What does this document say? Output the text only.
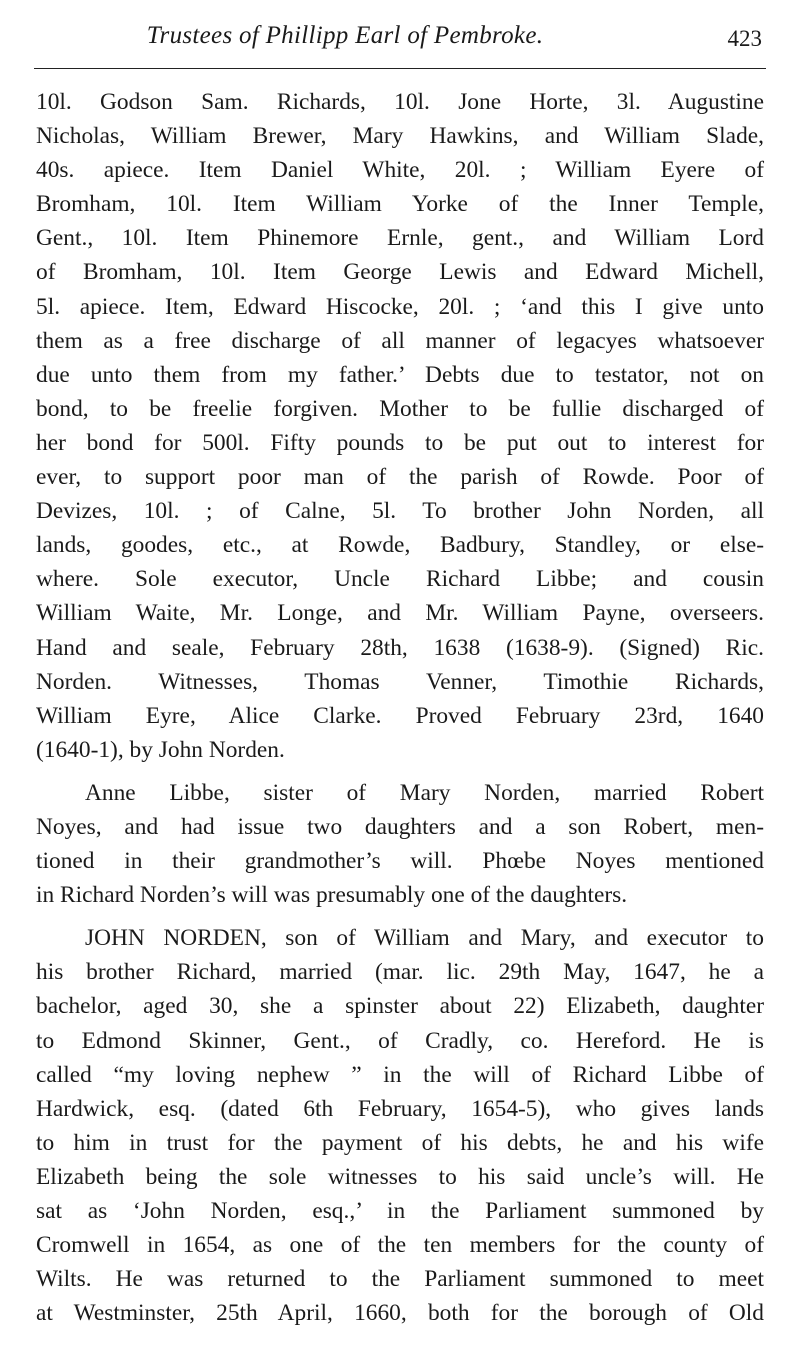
Trustees of Phillipp Earl of Pembroke.	423
10l. Godson Sam. Richards, 10l. Jone Horte, 3l. Augustine
Nicholas, William Brewer, Mary Hawkins, and William Slade,
40s. apiece. Item Daniel White, 20l. ; William Eyere of
Bromham, 10l. Item William Yorke of the Inner Temple,
Gent., 10l. Item Phinemore Ernle, gent., and William Lord
of Bromham, 10l. Item George Lewis and Edward Michell,
5l. apiece. Item, Edward Hiscocke, 20l. ; ‘and this I give unto
them as a free discharge of all manner of legacyes whatsoever
due unto them from my father.’ Debts due to testator, not on
bond, to be freelie forgiven. Mother to be fullie discharged of
her bond for 500l. Fifty pounds to be put out to interest for
ever, to support poor man of the parish of Rowde. Poor of
Devizes, 10l. ; of Calne, 5l. To brother John Norden, all
lands, goodes, etc., at Rowde, Badbury, Standley, or else-
where. Sole executor, Uncle Richard Libbe; and cousin
William Waite, Mr. Longe, and Mr. William Payne, overseers.
Hand and seale, February 28th, 1638 (1638-9). (Signed) Ric.
Norden. Witnesses, Thomas Venner, Timothie Richards,
William Eyre, Alice Clarke. Proved February 23rd, 1640
(1640-1), by John Norden.
Anne Libbe, sister of Mary Norden, married Robert
Noyes, and had issue two daughters and a son Robert, men-
tioned in their grandmother’s will. Phœbe Noyes mentioned
in Richard Norden’s will was presumably one of the daughters.
JOHN NORDEN, son of William and Mary, and executor to
his brother Richard, married (mar. lic. 29th May, 1647, he a
bachelor, aged 30, she a spinster about 22) Elizabeth, daughter
to Edmond Skinner, Gent., of Cradly, co. Hereford. He is
called “my loving nephew ” in the will of Richard Libbe of
Hardwick, esq. (dated 6th February, 1654-5), who gives lands
to him in trust for the payment of his debts, he and his wife
Elizabeth being the sole witnesses to his said uncle’s will. He
sat as ‘John Norden, esq.,’ in the Parliament summoned by
Cromwell in 1654, as one of the ten members for the county of
Wilts. He was returned to the Parliament summoned to meet
at Westminster, 25th April, 1660, both for the borough of Old
